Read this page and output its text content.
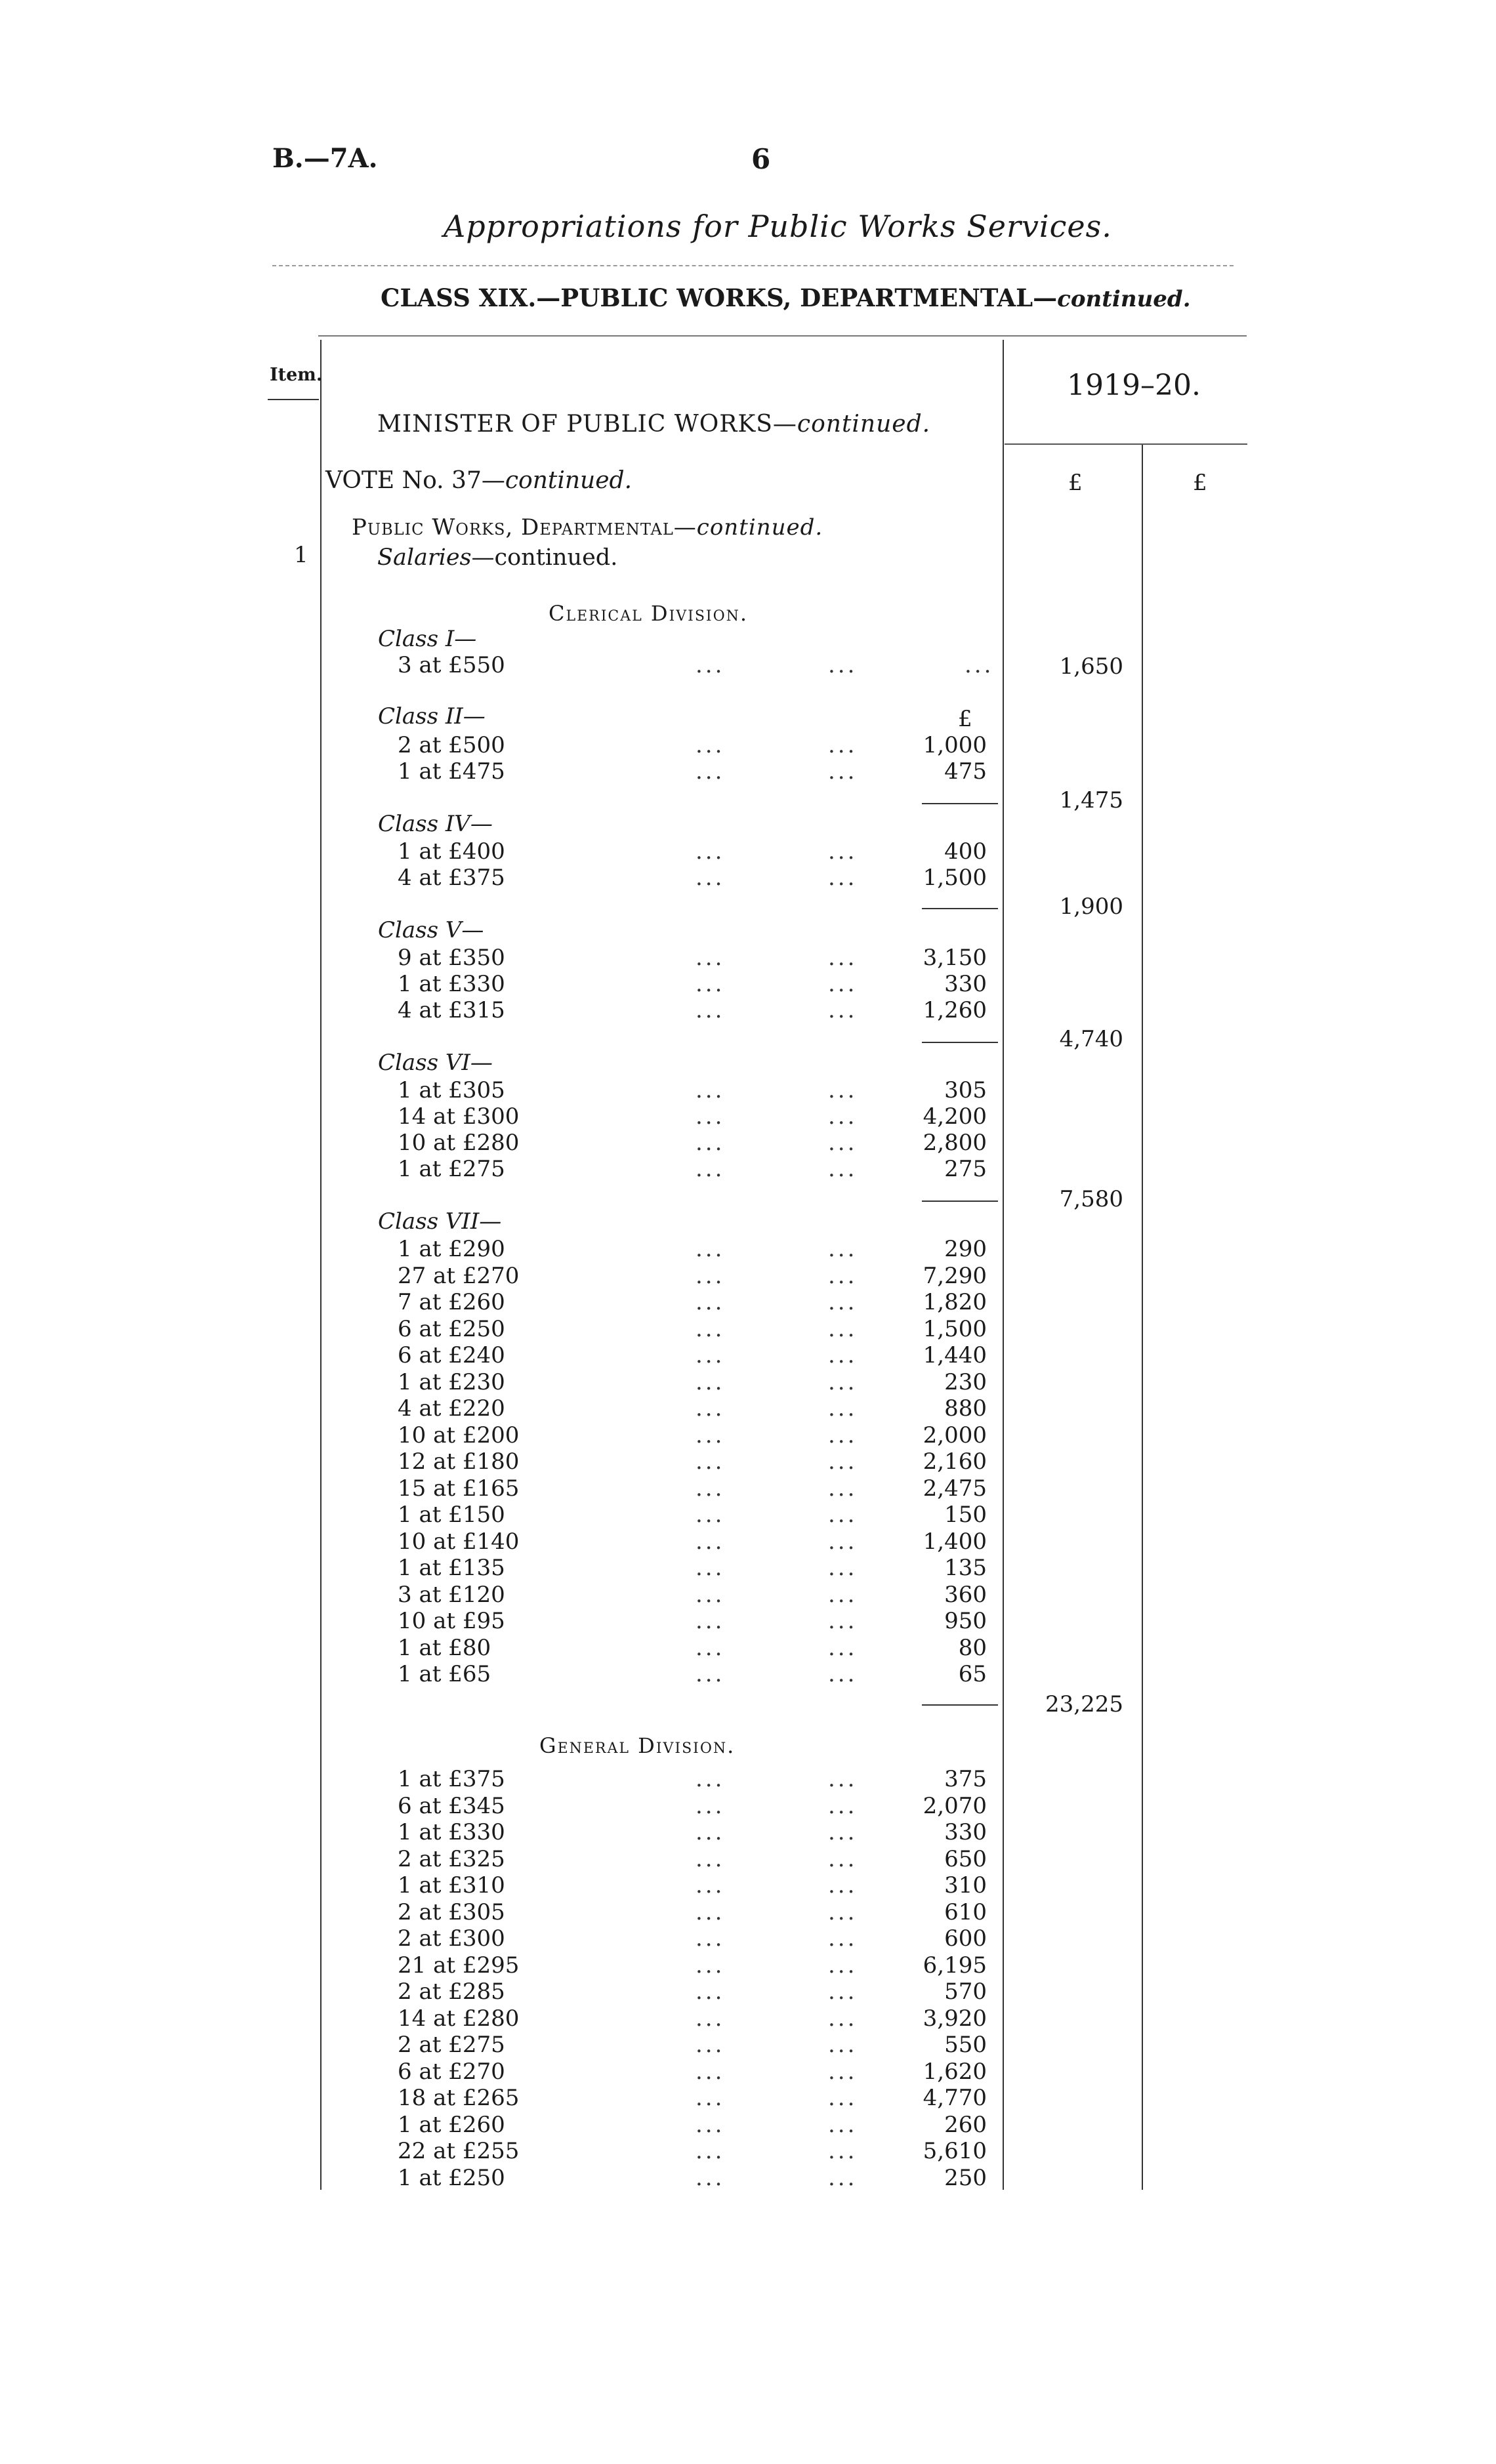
B.—7A.	6
Appropriations for Public Works Services.
CLASS XIX.—PUBLIC WORKS, DEPARTMENTAL—continued.
Item.	1919–20.
£	£
MINISTER OF PUBLIC WORKS—continued.
VOTE No. 37—continued.
Public Works, Departmental—continued.
1	Salaries—continued.
Clerical Division.
Class I—
3 at £550	...	...	...	1,650
Class II—	£
2 at £500	...	...	1,000
1 at £475	...	...	475
1,475
Class IV—
1 at £400	...	...	400
4 at £375	...	...	1,500
1,900
Class V—
9 at £350	...	...	3,150
1 at £330	...	...	330
4 at £315	...	...	1,260
4,740
Class VI—
1 at £305	...	...	305
14 at £300	...	...	4,200
10 at £280	...	...	2,800
1 at £275	...	...	275
7,580
Class VII—
1 at £290	...	...	290
27 at £270	...	...	7,290
7 at £260	...	...	1,820
6 at £250	...	...	1,500
6 at £240	...	...	1,440
1 at £230	...	...	230
4 at £220	...	...	880
10 at £200	...	...	2,000
12 at £180	...	...	2,160
15 at £165	...	...	2,475
1 at £150	...	...	150
10 at £140	...	...	1,400
1 at £135	...	...	135
3 at £120	...	...	360
10 at £95	...	...	950
1 at £80	...	...	80
1 at £65	...	...	65
23,225
General Division.
1 at £375	...	...	375
6 at £345	...	...	2,070
1 at £330	...	...	330
2 at £325	...	...	650
1 at £310	...	...	310
2 at £305	...	...	610
2 at £300	...	...	600
21 at £295	...	...	6,195
2 at £285	...	...	570
14 at £280	...	...	3,920
2 at £275	...	...	550
6 at £270	...	...	1,620
18 at £265	...	...	4,770
1 at £260	...	...	260
22 at £255	...	...	5,610
1 at £250	...	...	250
